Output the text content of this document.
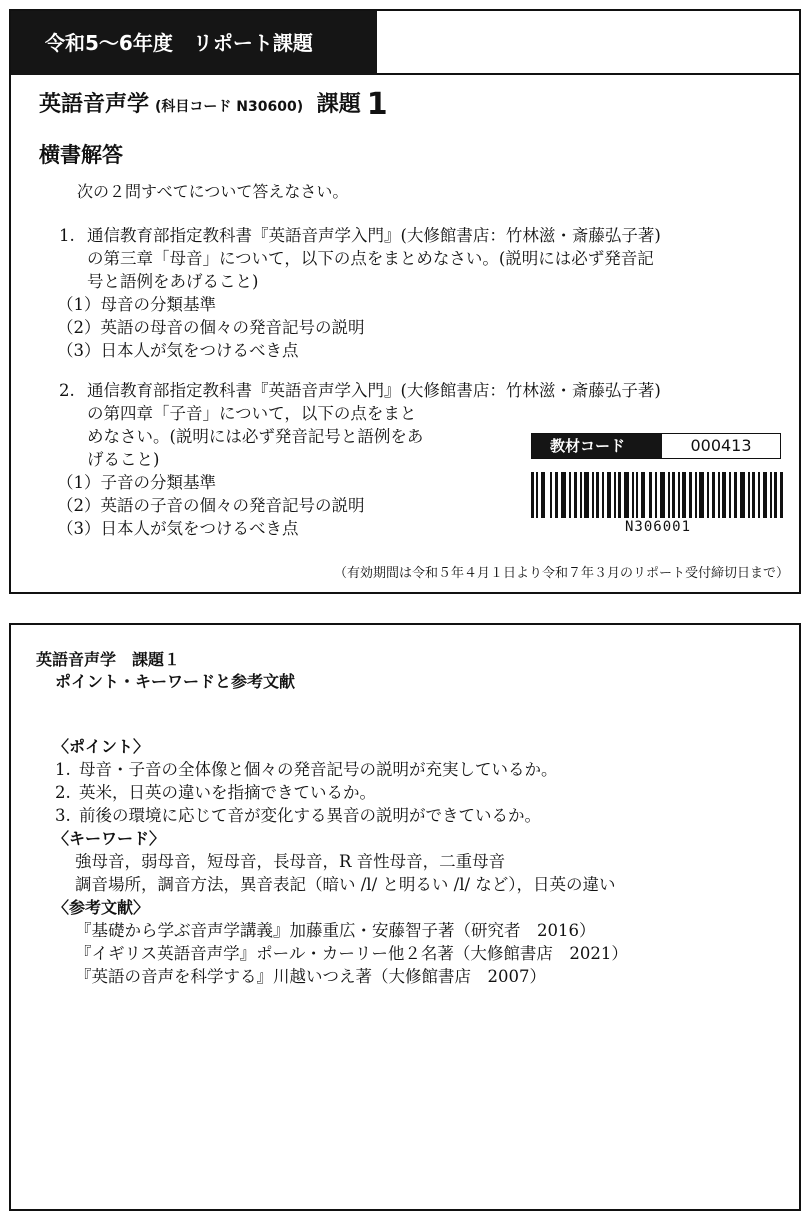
令和5～6年度　リポート課題
英語音声学 (科目コード N30600) 課題 1
横書解答
次の２問すべてについて答えなさい。
1. 通信教育部指定教科書『英語音声学入門』(大修館書店：竹林滋・斎藤弘子著)
の第三章「母音」について，以下の点をまとめなさい。(説明には必ず発音記
号と語例をあげること)
（1）母音の分類基準
（2）英語の母音の個々の発音記号の説明
（3）日本人が気をつけるべき点
2. 通信教育部指定教科書『英語音声学入門』(大修館書店：竹林滋・斎藤弘子著)
の第四章「子音」について，以下の点をまと
めなさい。(説明には必ず発音記号と語例をあ
げること)
（1）子音の分類基準
（2）英語の子音の個々の発音記号の説明
（3）日本人が気をつけるべき点
教材コード	000413
N306001
（有効期間は令和５年４月１日より令和７年３月のリポート受付締切日まで）
英語音声学　課題１
ポイント・キーワードと参考文献
〈ポイント〉
1. 母音・子音の全体像と個々の発音記号の説明が充実しているか。
2. 英米，日英の違いを指摘できているか。
3. 前後の環境に応じて音が変化する異音の説明ができているか。
〈キーワード〉
強母音，弱母音，短母音，長母音，R 音性母音，二重母音
調音場所，調音方法，異音表記（暗い /l/ と明るい /l/ など），日英の違い
〈参考文献〉
『基礎から学ぶ音声学講義』加藤重広・安藤智子著（研究者　2016）
『イギリス英語音声学』ポール・カーリー他２名著（大修館書店　2021）
『英語の音声を科学する』川越いつえ著（大修館書店　2007）
